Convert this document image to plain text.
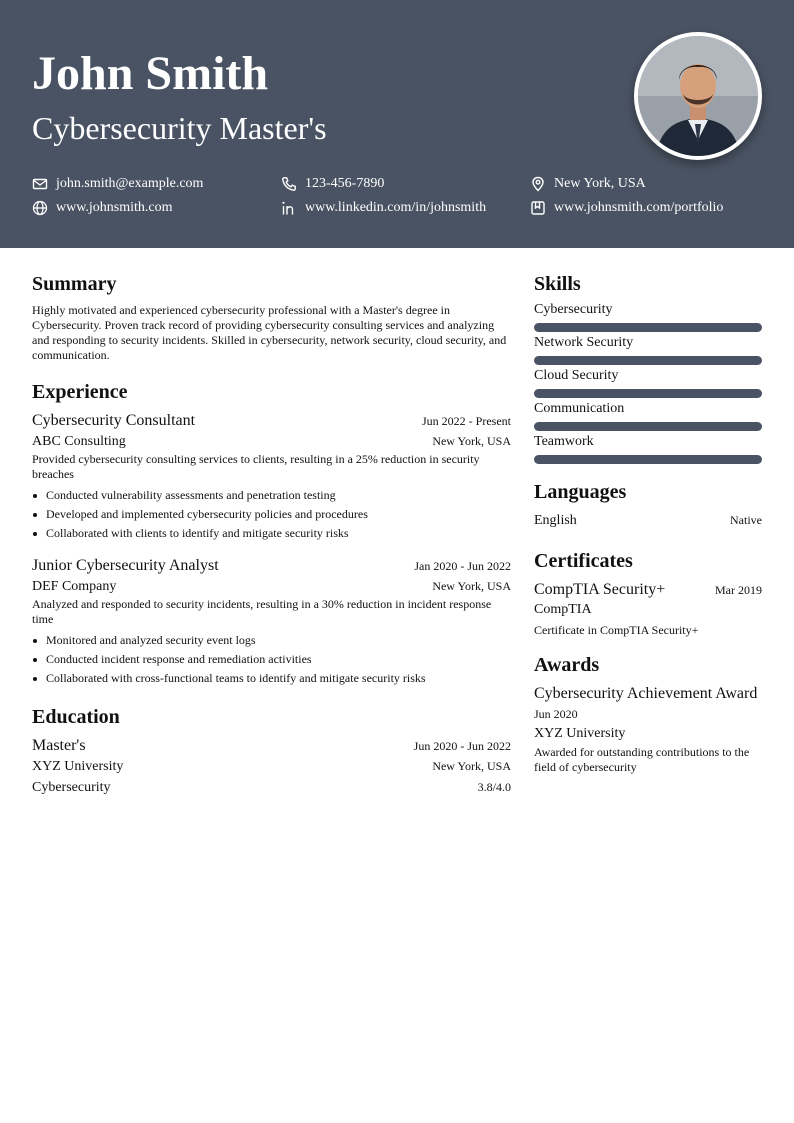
John Smith
Cybersecurity Master's
john.smith@example.com	123-456-7890	New York, USA
www.johnsmith.com	www.linkedin.com/in/johnsmith	www.johnsmith.com/portfolio
Summary

Highly motivated and experienced cybersecurity professional with a Master's degree in Cybersecurity. Proven track record of providing cybersecurity consulting services and analyzing and responding to security incidents. Skilled in cybersecurity, network security, cloud security, and communication.

Experience
Cybersecurity Consultant	Jun 2022 - Present
ABC Consulting	New York, USA

Provided cybersecurity consulting services to clients, resulting in a 25% reduction in security breaches

Conducted vulnerability assessments and penetration testing
Developed and implemented cybersecurity policies and procedures
Collaborated with clients to identify and mitigate security risks
Junior Cybersecurity Analyst	Jan 2020 - Jun 2022
DEF Company	New York, USA

Analyzed and responded to security incidents, resulting in a 30% reduction in incident response time

Monitored and analyzed security event logs
Conducted incident response and remediation activities
Collaborated with cross-functional teams to identify and mitigate security risks
Education
Master's	Jun 2020 - Jun 2022
XYZ University	New York, USA
Cybersecurity	3.8/4.0
Skills
Cybersecurity
Network Security
Cloud Security
Communication
Teamwork
Languages
English	Native
Certificates
CompTIA Security+	Mar 2019
CompTIA

Certificate in CompTIA Security+

Awards
Cybersecurity Achievement Award
Jun 2020
XYZ University

Awarded for outstanding contributions to the field of cybersecurity
